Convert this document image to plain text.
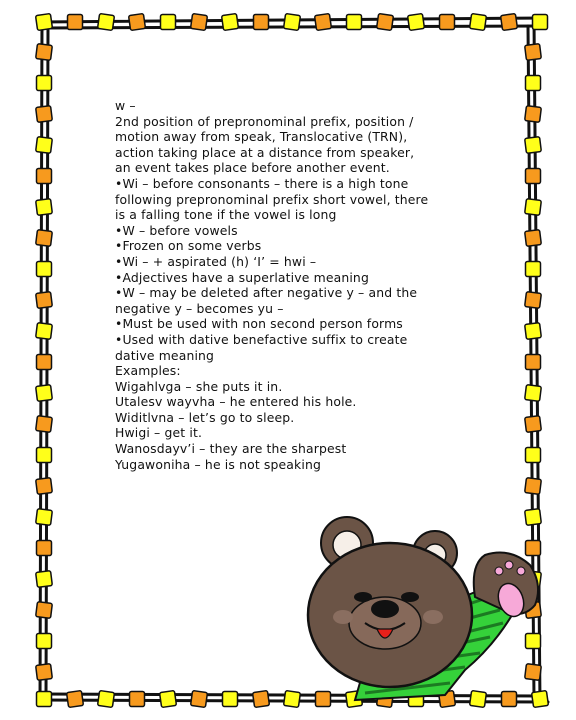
w –
2nd position of prepronominal prefix, position /
motion away from speak, Translocative (TRN),
action taking place at a distance from speaker,
an event takes place before another event.
•Wi – before consonants – there is a high tone
following prepronominal prefix short vowel, there
is a falling tone if the vowel is long
•W – before vowels
•Frozen on some verbs
•Wi – + aspirated (h) ‘I’ = hwi –
•Adjectives have a superlative meaning
•W – may be deleted after negative y – and the
negative y – becomes yu –
•Must be used with non second person forms
•Used with dative benefactive suffix to create
dative meaning
Examples:
Wigahlvga – she puts it in.
Utalesv wayvha – he entered his hole.
Widitlvna – let’s go to sleep.
Hwigi – get it.
Wanosdayv’i – they are the sharpest
Yugawoniha – he is not speaking
